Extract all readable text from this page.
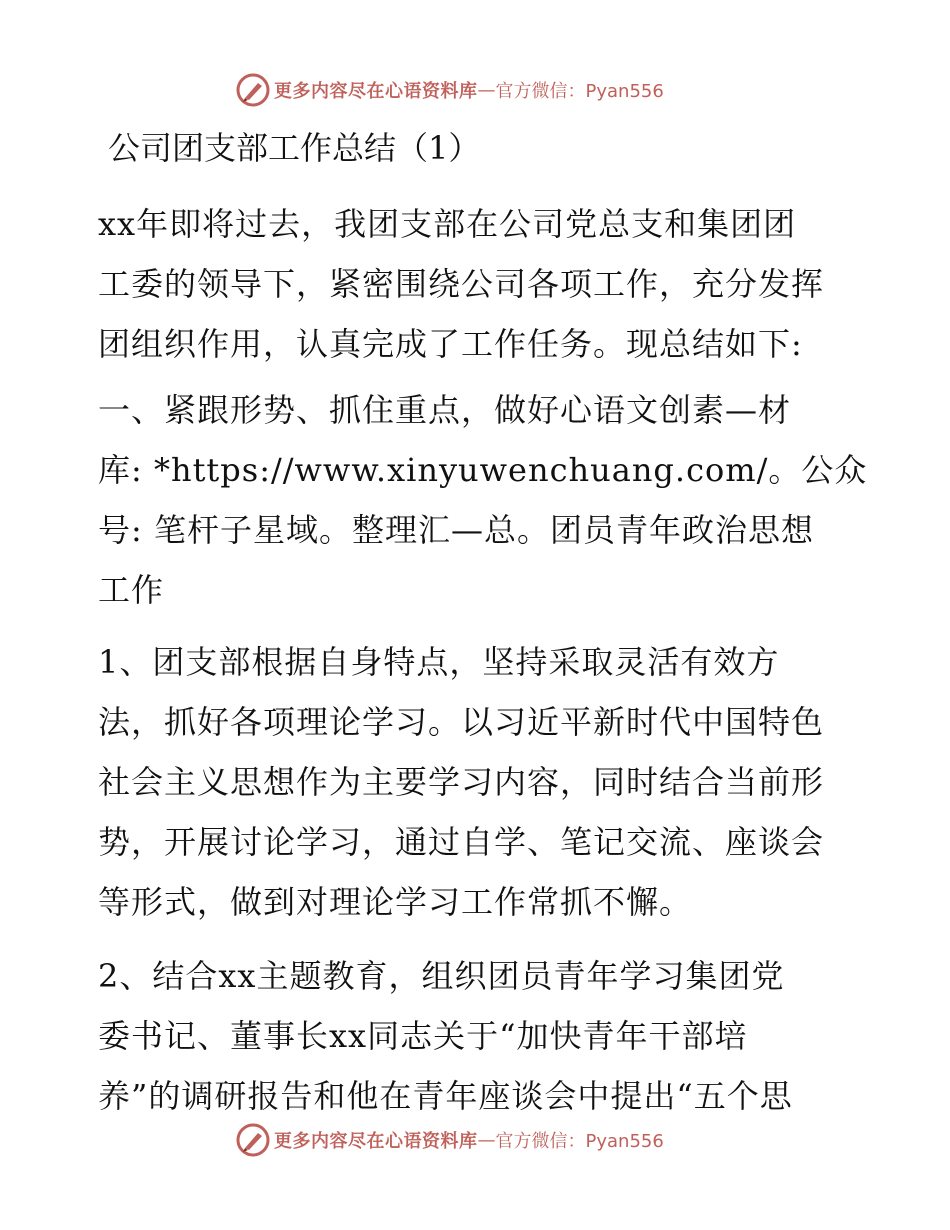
更多内容尽在心语资料库 — 官方微信：Pyan556
公司团支部工作总结（1）

xx年即将过去，我团支部在公司党总支和集团团
工委的领导下，紧密围绕公司各项工作，充分发挥
团组织作用，认真完成了工作任务。现总结如下:

一、紧跟形势、抓住重点，做好心语文创素—材
库: *https://www.xinyuwenchuang.com/。公众
号: 笔杆子星域。整理汇—总。团员青年政治思想
工作

1、团支部根据自身特点，坚持采取灵活有效方
法，抓好各项理论学习。以习近平新时代中国特色
社会主义思想作为主要学习内容，同时结合当前形
势，开展讨论学习，通过自学、笔记交流、座谈会
等形式，做到对理论学习工作常抓不懈。

2、结合xx主题教育，组织团员青年学习集团党
委书记、董事长xx同志关于“加快青年干部培
养”的调研报告和他在青年座谈会中提出“五个思

更多内容尽在心语资料库 — 官方微信：Pyan556
